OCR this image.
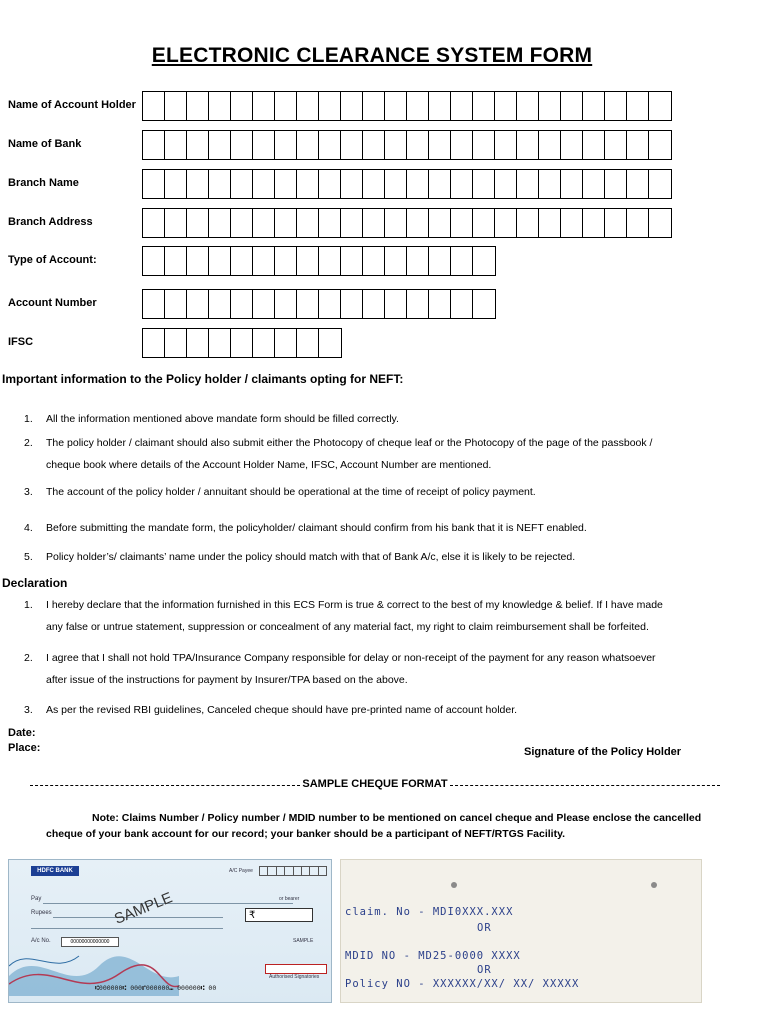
ELECTRONIC CLEARANCE SYSTEM FORM
Name of Account Holder
Name of Bank
Branch Name
Branch Address
Type of Account:
Account Number
IFSC
Important information to the Policy holder / claimants opting for NEFT:
1.	All the information mentioned above mandate form should be filled correctly.
2.	The policy holder / claimant should also submit either the Photocopy of cheque leaf or the Photocopy of the page of the passbook /
cheque book where details of the Account Holder Name, IFSC, Account Number are mentioned.
3.	The account of the policy holder / annuitant should be operational at the time of receipt of policy payment.
4.	Before submitting the mandate form, the policyholder/ claimant should confirm from his bank that it is NEFT enabled.
5.	Policy holder’s/ claimants’ name under the policy should match with that of Bank A/c, else it is likely to be rejected.
Declaration
1.	I hereby declare that the information furnished in this ECS Form is true & correct to the best of my knowledge & belief. If I have made
any false or untrue statement, suppression or concealment of any material fact, my right to claim reimbursement shall be forfeited.
2.	I agree that I shall not hold TPA/Insurance Company responsible for delay or non-receipt of the payment for any reason whatsoever
after issue of the instructions for payment by Insurer/TPA based on the above.
3.	As per the revised RBI guidelines, Canceled cheque should have pre-printed name of account holder.
Date:
Place:	Signature of the Policy Holder
SAMPLE CHEQUE FORMAT
Note: Claims Number / Policy number / MDID number to be mentioned on cancel cheque and Please enclose the cancelled
cheque of your bank account for our record; your banker should be a participant of NEFT/RTGS Facility.
HDFC BANK	A/C Payee
Pay	or bearer
Rupees	SAMPLE	₹
A/c No.	00000000000000	SAMPLE
Authorised Signatories
⑆000000⑆ 000⑈000000⑉ 000000⑆ 00
claim. No - MDI0XXX.XXX
OR
MDID NO - MD25-0000 XXXX
OR
Policy NO - XXXXXX/XX/ XX/ XXXXX
